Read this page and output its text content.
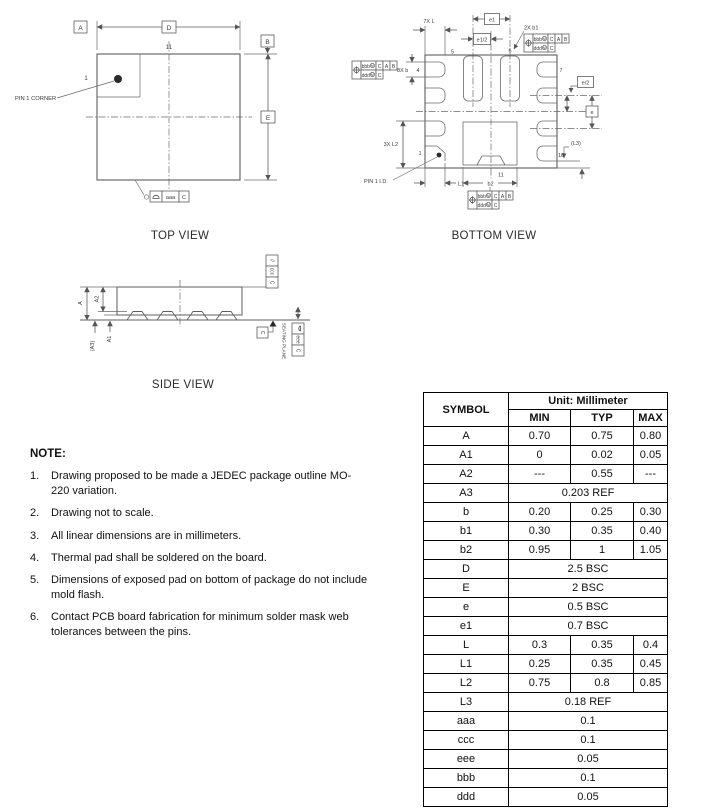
A	D
B
E
11
1
PIN 1 CORNER
aaa C
TOP VIEW
7X L	e1
e1/2
2X b1
bbb M C A B
ddd M C
8X b 4
bbb M C A B
ddd M C
3X L2
1
PIN 1 I.D.	L1	b2
11
bbb M C A B
ddd M C
e/2
e
(L3)
10
5	6
7
BOTTOM VIEW
A
A2
A1
(A3)
//
ccc
C
C	SEATING PLANE eee
C
SIDE VIEW
NOTE:
1.	Drawing proposed to be made a JEDEC package outline MO-220 variation.
2.	Drawing not to scale.
3.	All linear dimensions are in millimeters.
4.	Thermal pad shall be soldered on the board.
5.	Dimensions of exposed pad on bottom of package do not include mold flash.
6.	Contact PCB board fabrication for minimum solder mask web tolerances between the pins.
SYMBOL	Unit: Millimeter		
	MIN	TYP	MAX
A	0.70	0.75	0.80
A1	0	0.02	0.05
A2	---	0.55	---
A3	0.203 REF		
b	0.20	0.25	0.30
b1	0.30	0.35	0.40
b2	0.95	1	1.05
D	2.5 BSC		
E	2 BSC		
e	0.5 BSC		
e1	0.7 BSC		
L	0.3	0.35	0.4
L1	0.25	0.35	0.45
L2	0.75	0.8	0.85
L3	0.18 REF		
aaa	0.1		
ccc	0.1		
eee	0.05		
bbb	0.1		
ddd	0.05		
